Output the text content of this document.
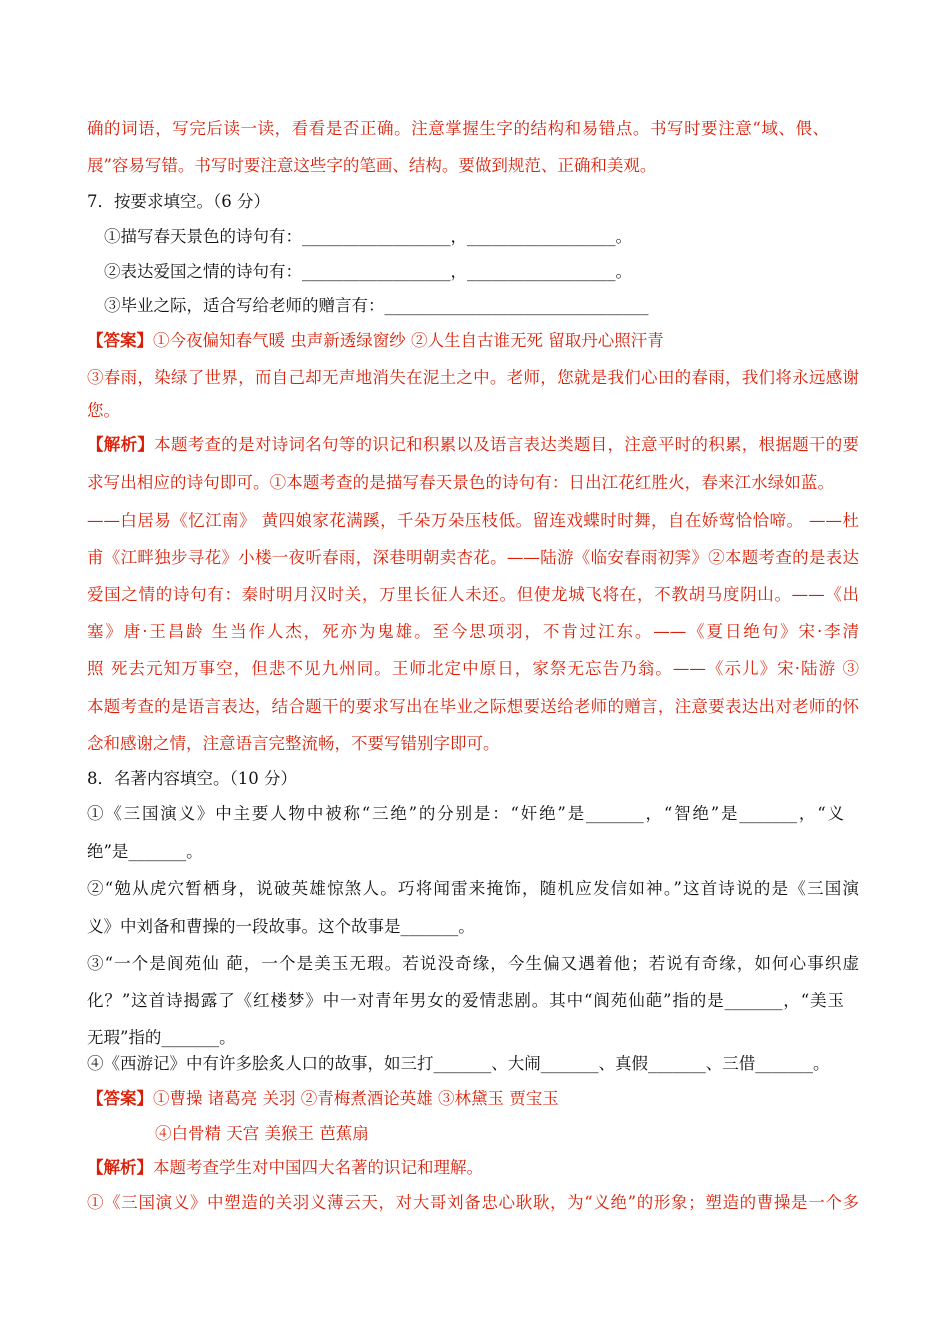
确的词语，写完后读一读，看看是否正确。注意掌握生字的结构和易错点。书写时要注意“域、偎、
展”容易写错。书写时要注意这些字的笔画、结构。要做到规范、正确和美观。
7．按要求填空。（6 分）
①描写春天景色的诗句有：__________________，__________________。
②表达爱国之情的诗句有：__________________，__________________。
③毕业之际，适合写给老师的赠言有：________________________________
【答案】①今夜偏知春气暖 虫声新透绿窗纱 ②人生自古谁无死 留取丹心照汗青
③春雨，染绿了世界，而自己却无声地消失在泥土之中。老师，您就是我们心田的春雨，我们将永远感谢
您。
【解析】本题考查的是对诗词名句等的识记和积累以及语言表达类题目，注意平时的积累，根据题干的要
求写出相应的诗句即可。①本题考查的是描写春天景色的诗句有：日出江花红胜火，春来江水绿如蓝。
——白居易《忆江南》 黄四娘家花满蹊，千朵万朵压枝低。留连戏蝶时时舞，自在娇莺恰恰啼。 ——杜
甫《江畔独步寻花》小楼一夜听春雨，深巷明朝卖杏花。——陆游《临安春雨初霁》②本题考查的是表达
爱国之情的诗句有：秦时明月汉时关，万里长征人未还。但使龙城飞将在，不教胡马度阴山。——《出
塞》唐·王昌龄 生当作人杰，死亦为鬼雄。至今思项羽，不肯过江东。——《夏日绝句》宋·李清
照 死去元知万事空，但悲不见九州同。王师北定中原日，家祭无忘告乃翁。——《示儿》宋·陆游 ③
本题考查的是语言表达，结合题干的要求写出在毕业之际想要送给老师的赠言，注意要表达出对老师的怀
念和感谢之情，注意语言完整流畅，不要写错别字即可。
8．名著内容填空。（10 分）
①《三国演义》中主要人物中被称“三绝”的分别是：“奸绝”是_______，“智绝”是_______，“义
绝”是_______。
②“勉从虎穴暂栖身，说破英雄惊煞人。巧将闻雷来掩饰，随机应发信如神。”这首诗说的是《三国演
义》中刘备和曹操的一段故事。这个故事是_______。
③“一个是阆苑仙 葩，一个是美玉无瑕。若说没奇缘，今生偏又遇着他；若说有奇缘，如何心事织虚
化？”这首诗揭露了《红楼梦》中一对青年男女的爱情悲剧。其中“阆苑仙葩”指的是_______，“美玉
无瑕”指的_______。
④《西游记》中有许多脍炙人口的故事，如三打_______、大闹_______、真假_______、三借_______。
【答案】①曹操 诸葛亮 关羽 ②青梅煮酒论英雄 ③林黛玉 贾宝玉
④白骨精 天宫 美猴王 芭蕉扇
【解析】本题考查学生对中国四大名著的识记和理解。
①《三国演义》中塑造的关羽义薄云天，对大哥刘备忠心耿耿，为“义绝”的形象；塑造的曹操是一个多
